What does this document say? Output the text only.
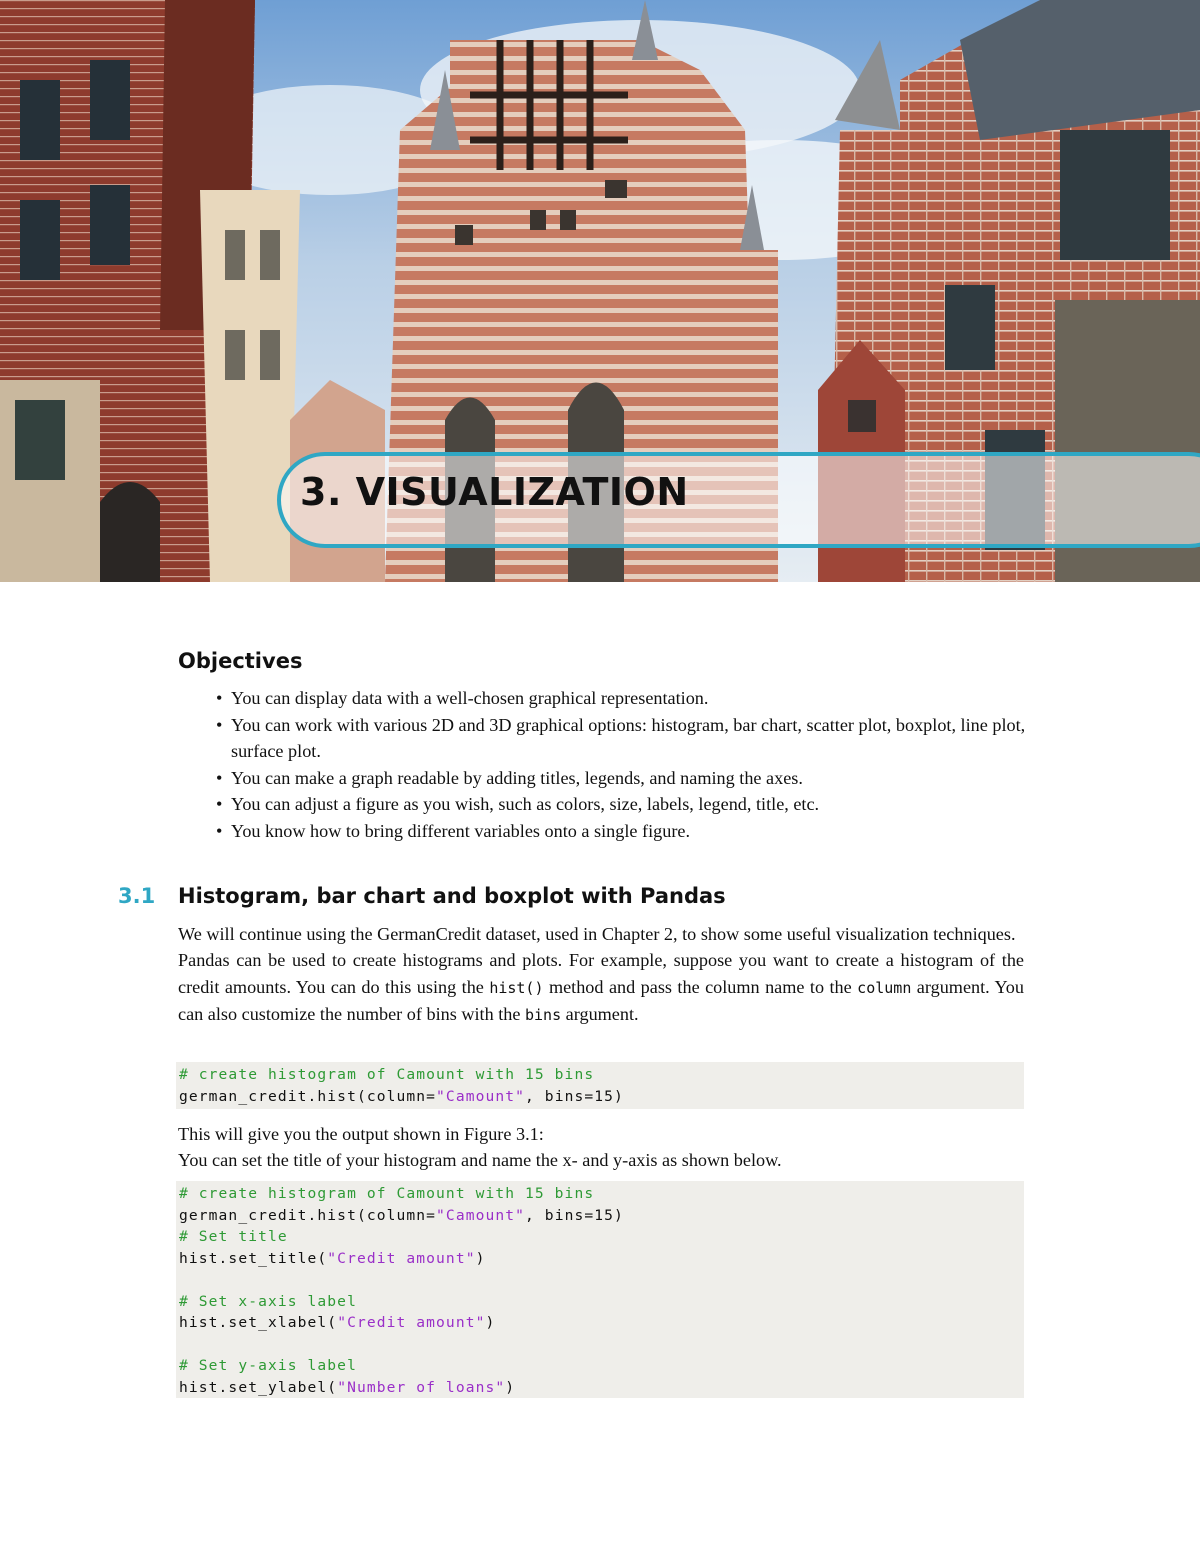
3. VISUALIZATION
Objectives
• You can display data with a well-chosen graphical representation.
• You can work with various 2D and 3D graphical options: histogram, bar chart, scatter plot, boxplot, line plot, surface plot.
• You can make a graph readable by adding titles, legends, and naming the axes.
• You can adjust a figure as you wish, such as colors, size, labels, legend, title, etc.
• You know how to bring different variables onto a single figure.
3.1 Histogram, bar chart and boxplot with Pandas

We will continue using the GermanCredit dataset, used in Chapter 2, to show some useful visualization techniques.

Pandas can be used to create histograms and plots. For example, suppose you want to create a histogram of the credit amounts. You can do this using the hist() method and pass the column name to the column argument. You can also customize the number of bins with the bins argument.

# create histogram of Camount with 15 bins
german_credit.hist(column="Camount", bins=15)

This will give you the output shown in Figure 3.1:

You can set the title of your histogram and name the x- and y-axis as shown below.

# create histogram of Camount with 15 bins
german_credit.hist(column="Camount", bins=15)
# Set title
hist.set_title("Credit amount")

# Set x-axis label
hist.set_xlabel("Credit amount")

# Set y-axis label
hist.set_ylabel("Number of loans")
